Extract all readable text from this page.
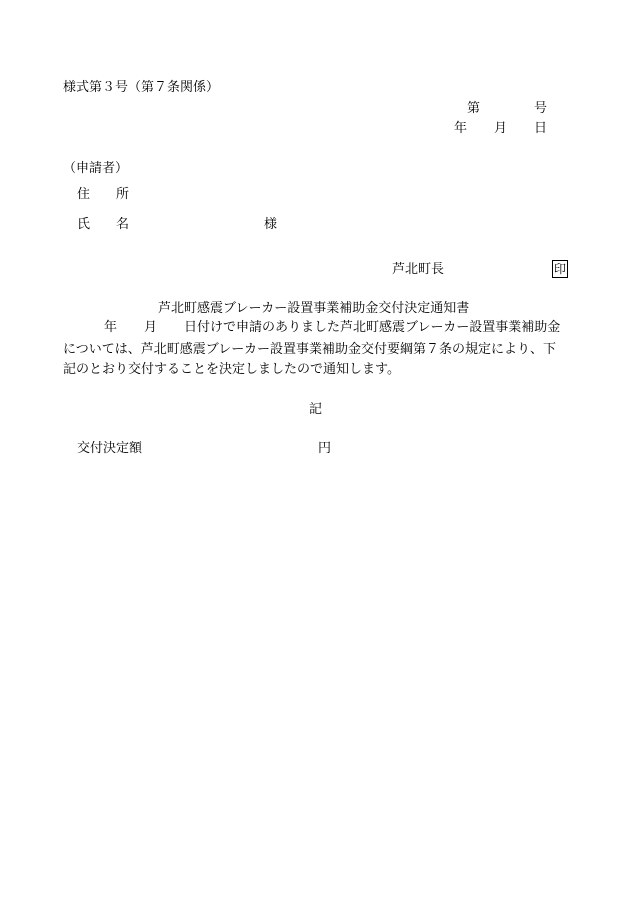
様式第３号（第７条関係）
第	号
年 月 日
（申請者）
住　　所
氏　　名	様
芦北町長	印
芦北町感震ブレーカー設置事業補助金交付決定通知書
年 月 日付けで申請のありました芦北町感震ブレーカー設置事業補助金
については、芦北町感震ブレーカー設置事業補助金交付要綱第７条の規定により、下
記のとおり交付することを決定しましたので通知します。
記
交付決定額	円
